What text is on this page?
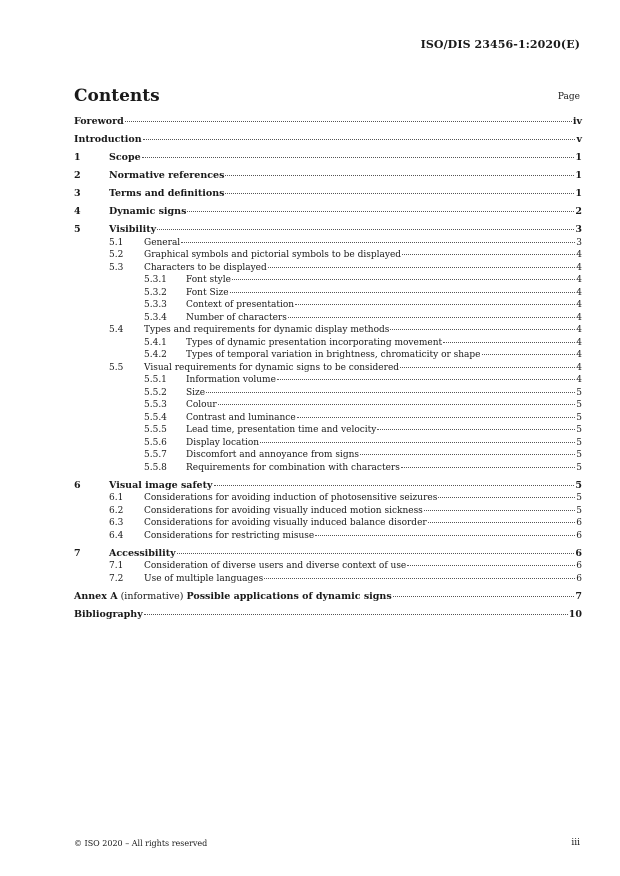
ISO/DIS 23456-1:2020(E)
Contents	Page
Foreword	iv
Introduction	v
1	Scope	1
2	Normative references	1
3	Terms and definitions	1
4	Dynamic signs	2
5	Visibility	3
5.1	General	3
5.2	Graphical symbols and pictorial symbols to be displayed	4
5.3	Characters to be displayed	4
5.3.1	Font style	4
5.3.2	Font Size	4
5.3.3	Context of presentation	4
5.3.4	Number of characters	4
5.4	Types and requirements for dynamic display methods	4
5.4.1	Types of dynamic presentation incorporating movement	4
5.4.2	Types of temporal variation in brightness, chromaticity or shape	4
5.5	Visual requirements for dynamic signs to be considered	4
5.5.1	Information volume	4
5.5.2	Size	5
5.5.3	Colour	5
5.5.4	Contrast and luminance	5
5.5.5	Lead time, presentation time and velocity	5
5.5.6	Display location	5
5.5.7	Discomfort and annoyance from signs	5
5.5.8	Requirements for combination with characters	5
6	Visual image safety	5
6.1	Considerations for avoiding induction of photosensitive seizures	5
6.2	Considerations for avoiding visually induced motion sickness	5
6.3	Considerations for avoiding visually induced balance disorder	6
6.4	Considerations for restricting misuse	6
7	Accessibility	6
7.1	Consideration of diverse users and diverse context of use	6
7.2	Use of multiple languages	6
Annex A (informative) Possible applications of dynamic signs	7
Bibliography	10
© ISO 2020 – All rights reserved	iii
